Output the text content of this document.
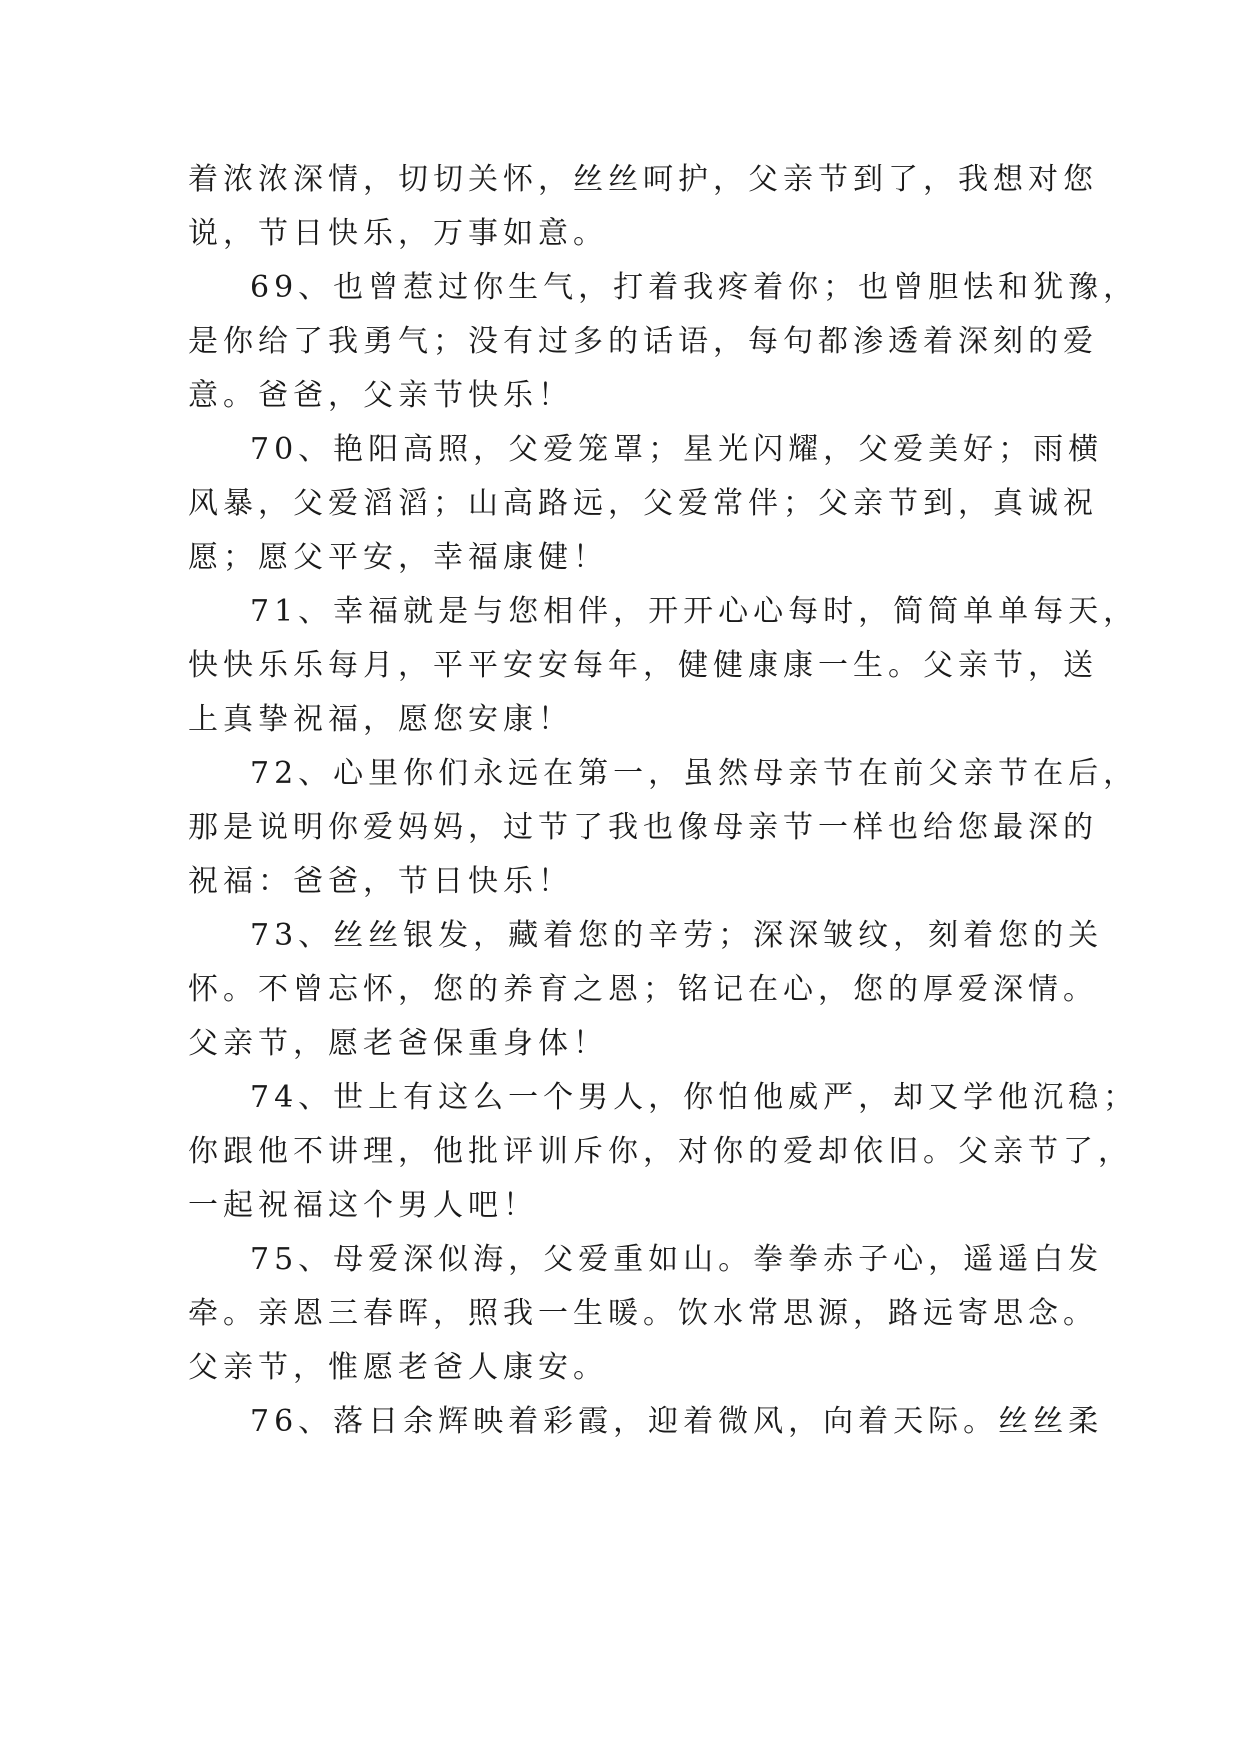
着浓浓深情，切切关怀，丝丝呵护，父亲节到了，我想对您
说，节日快乐，万事如意。
69、也曾惹过你生气，打着我疼着你；也曾胆怯和犹豫，
是你给了我勇气；没有过多的话语，每句都渗透着深刻的爱
意。爸爸，父亲节快乐！
70、艳阳高照，父爱笼罩；星光闪耀，父爱美好；雨横
风暴，父爱滔滔；山高路远，父爱常伴；父亲节到，真诚祝
愿；愿父平安，幸福康健！
71、幸福就是与您相伴，开开心心每时，简简单单每天，
快快乐乐每月，平平安安每年，健健康康一生。父亲节，送
上真挚祝福，愿您安康！
72、心里你们永远在第一，虽然母亲节在前父亲节在后，
那是说明你爱妈妈，过节了我也像母亲节一样也给您最深的
祝福：爸爸，节日快乐！
73、丝丝银发，藏着您的辛劳；深深皱纹，刻着您的关
怀。不曾忘怀，您的养育之恩；铭记在心，您的厚爱深情。
父亲节，愿老爸保重身体！
74、世上有这么一个男人，你怕他威严，却又学他沉稳；
你跟他不讲理，他批评训斥你，对你的爱却依旧。父亲节了，
一起祝福这个男人吧！
75、母爱深似海，父爱重如山。拳拳赤子心，遥遥白发
牵。亲恩三春晖，照我一生暖。饮水常思源，路远寄思念。
父亲节，惟愿老爸人康安。
76、落日余辉映着彩霞，迎着微风，向着天际。丝丝柔
